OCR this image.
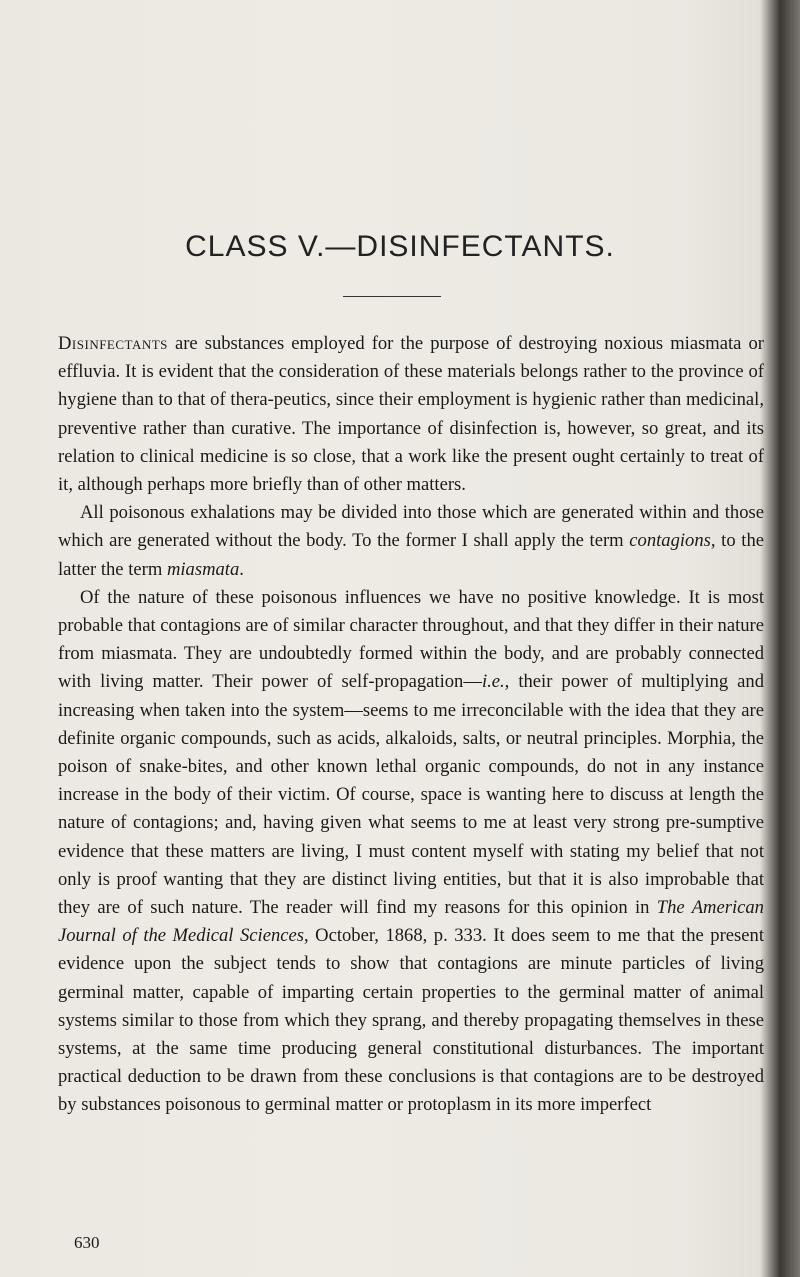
CLASS V.—DISINFECTANTS.

Disinfectants are substances employed for the purpose of destroying noxious miasmata or effluvia. It is evident that the consideration of these materials belongs rather to the province of hygiene than to that of thera-peutics, since their employment is hygienic rather than medicinal, preventive rather than curative. The importance of disinfection is, however, so great, and its relation to clinical medicine is so close, that a work like the present ought certainly to treat of it, although perhaps more briefly than of other matters.

All poisonous exhalations may be divided into those which are generated within and those which are generated without the body. To the former I shall apply the term contagions, to the latter the term miasmata.

Of the nature of these poisonous influences we have no positive knowledge. It is most probable that contagions are of similar character throughout, and that they differ in their nature from miasmata. They are undoubtedly formed within the body, and are probably connected with living matter. Their power of self-propagation—i.e., their power of multiplying and increasing when taken into the system—seems to me irreconcilable with the idea that they are definite organic compounds, such as acids, alkaloids, salts, or neutral principles. Morphia, the poison of snake-bites, and other known lethal organic compounds, do not in any instance increase in the body of their victim. Of course, space is wanting here to discuss at length the nature of contagions; and, having given what seems to me at least very strong pre-sumptive evidence that these matters are living, I must content myself with stating my belief that not only is proof wanting that they are distinct living entities, but that it is also improbable that they are of such nature. The reader will find my reasons for this opinion in The American Journal of the Medical Sciences, October, 1868, p. 333. It does seem to me that the present evidence upon the subject tends to show that contagions are minute particles of living germinal matter, capable of imparting certain properties to the germinal matter of animal systems similar to those from which they sprang, and thereby propagating themselves in these systems, at the same time producing general constitutional disturbances. The important practical deduction to be drawn from these conclusions is that contagions are to be destroyed by substances poisonous to germinal matter or protoplasm in its more imperfect

630
